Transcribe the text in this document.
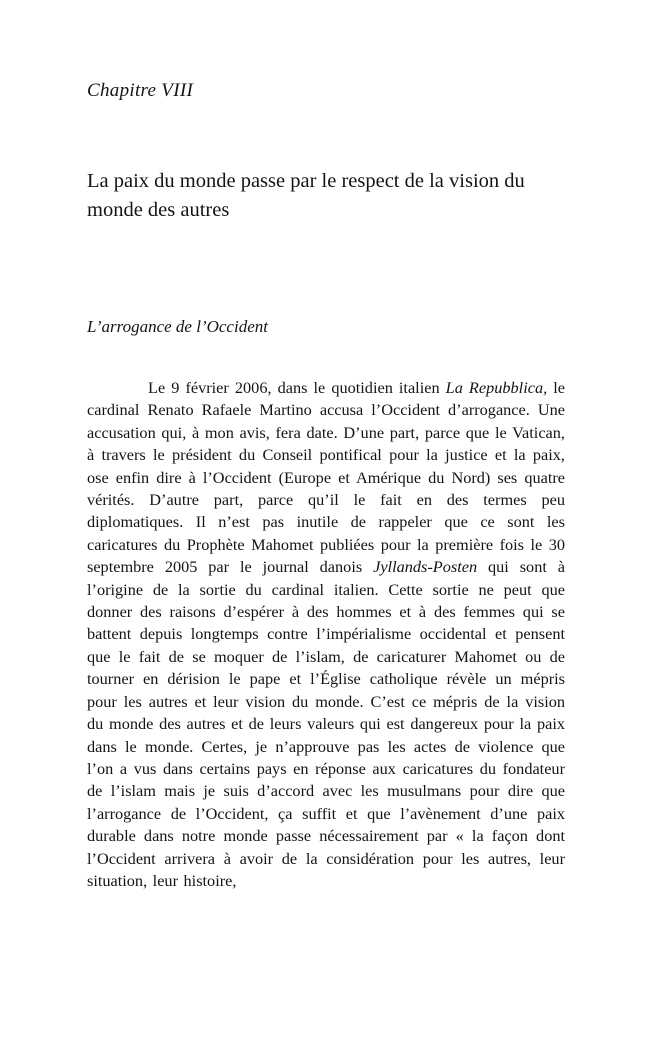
Chapitre VIII
La paix du monde passe par le respect de la vision du monde des autres
L’arrogance de l’Occident

Le 9 février 2006, dans le quotidien italien La Repubblica, le cardinal Renato Rafaele Martino accusa l’Occident d’arrogance. Une accusation qui, à mon avis, fera date. D’une part, parce que le Vatican, à travers le président du Conseil pontifical pour la justice et la paix, ose enfin dire à l’Occident (Europe et Amérique du Nord) ses quatre vérités. D’autre part, parce qu’il le fait en des termes peu diplomatiques. Il n’est pas inutile de rappeler que ce sont les caricatures du Prophète Mahomet publiées pour la première fois le 30 septembre 2005 par le journal danois Jyllands-Posten qui sont à l’origine de la sortie du cardinal italien. Cette sortie ne peut que donner des raisons d’espérer à des hommes et à des femmes qui se battent depuis longtemps contre l’impérialisme occidental et pensent que le fait de se moquer de l’islam, de caricaturer Mahomet ou de tourner en dérision le pape et l’Église catholique révèle un mépris pour les autres et leur vision du monde. C’est ce mépris de la vision du monde des autres et de leurs valeurs qui est dangereux pour la paix dans le monde. Certes, je n’approuve pas les actes de violence que l’on a vus dans certains pays en réponse aux caricatures du fondateur de l’islam mais je suis d’accord avec les musulmans pour dire que l’arrogance de l’Occident, ça suffit et que l’avènement d’une paix durable dans notre monde passe nécessairement par « la façon dont l’Occident arrivera à avoir de la considération pour les autres, leur situation, leur histoire,
